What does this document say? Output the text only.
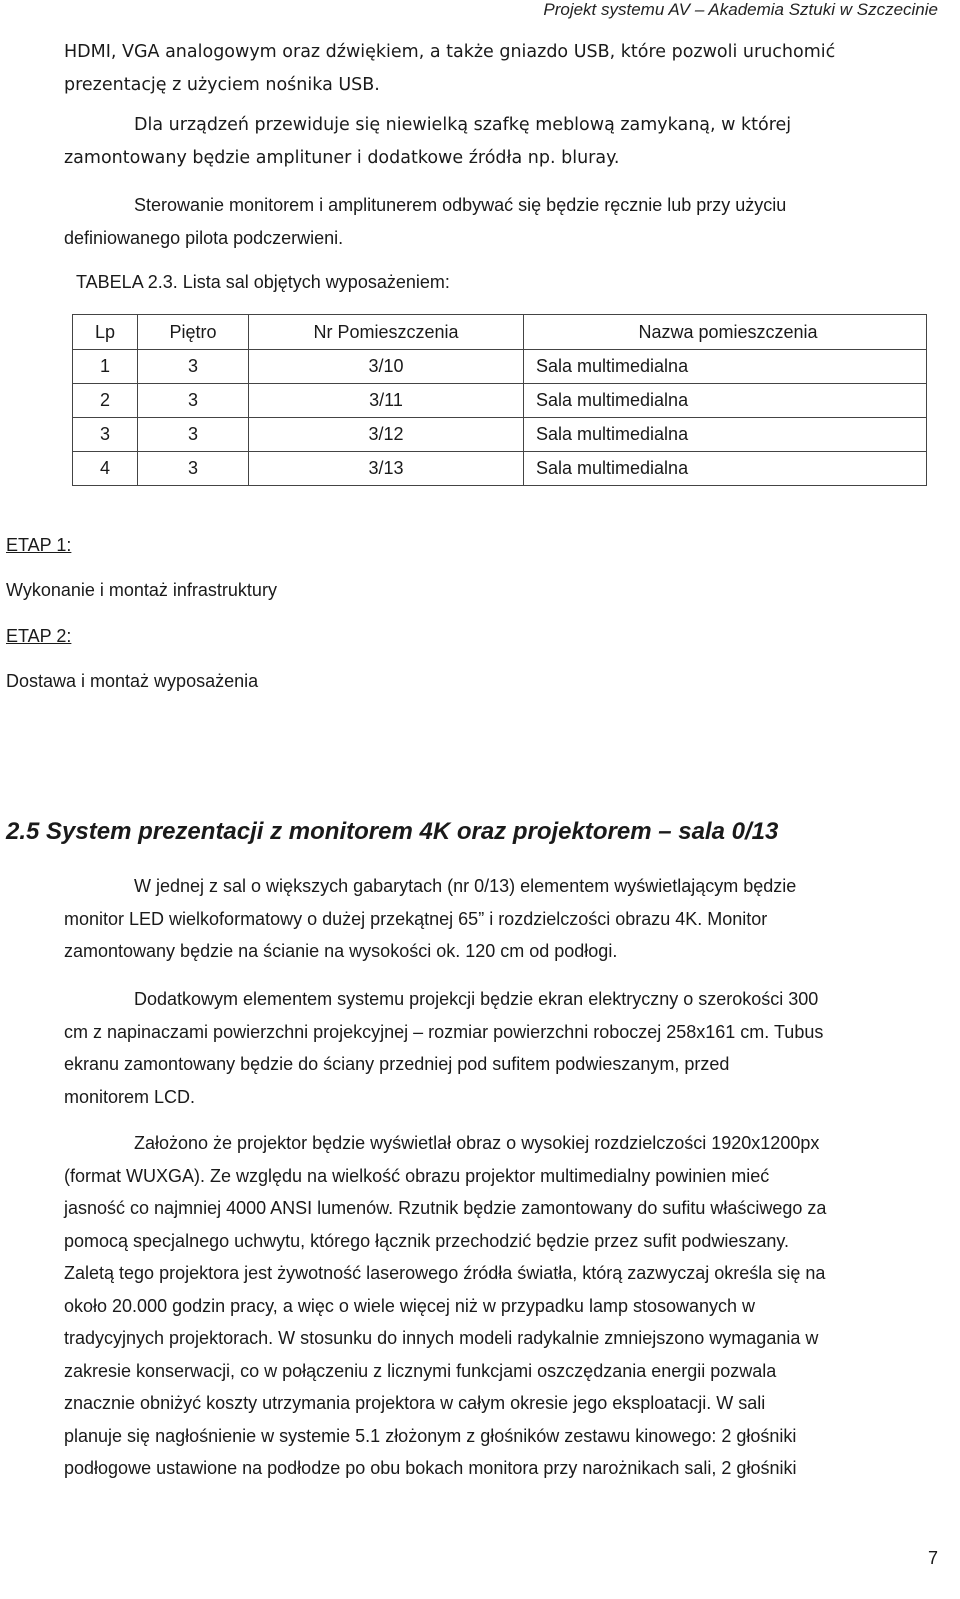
Projekt systemu AV – Akademia Sztuki w Szczecinie
HDMI, VGA analogowym oraz dźwiękiem, a także gniazdo USB, które pozwoli uruchomić
prezentację z użyciem nośnika USB.
Dla urządzeń przewiduje się niewielką szafkę meblową zamykaną, w której
zamontowany będzie amplituner i dodatkowe źródła np. bluray.
Sterowanie monitorem i amplitunerem odbywać się będzie ręcznie lub przy użyciu
definiowanego pilota podczerwieni.
TABELA 2.3. Lista sal objętych wyposażeniem:
Lp	Piętro	Nr Pomieszczenia	Nazwa pomieszczenia
1	3	3/10	Sala multimedialna
2	3	3/11	Sala multimedialna
3	3	3/12	Sala multimedialna
4	3	3/13	Sala multimedialna
ETAP 1:
Wykonanie i montaż infrastruktury
ETAP 2:
Dostawa i montaż wyposażenia
2.5 System prezentacji z monitorem 4K oraz projektorem – sala 0/13
W jednej z sal o większych gabarytach (nr 0/13) elementem wyświetlającym będzie
monitor LED wielkoformatowy o dużej przekątnej 65” i rozdzielczości obrazu 4K. Monitor
zamontowany będzie na ścianie na wysokości ok. 120 cm od podłogi.
Dodatkowym elementem systemu projekcji będzie ekran elektryczny o szerokości 300
cm z napinaczami powierzchni projekcyjnej – rozmiar powierzchni roboczej 258x161 cm. Tubus
ekranu zamontowany będzie do ściany przedniej pod sufitem podwieszanym, przed
monitorem LCD.
Założono że projektor będzie wyświetlał obraz o wysokiej rozdzielczości 1920x1200px
(format WUXGA). Ze względu na wielkość obrazu projektor multimedialny powinien mieć
jasność co najmniej 4000 ANSI lumenów. Rzutnik będzie zamontowany do sufitu właściwego za
pomocą specjalnego uchwytu, którego łącznik przechodzić będzie przez sufit podwieszany.
Zaletą tego projektora jest żywotność laserowego źródła światła, którą zazwyczaj określa się na
około 20.000 godzin pracy, a więc o wiele więcej niż w przypadku lamp stosowanych w
tradycyjnych projektorach. W stosunku do innych modeli radykalnie zmniejszono wymagania w
zakresie konserwacji, co w połączeniu z licznymi funkcjami oszczędzania energii pozwala
znacznie obniżyć koszty utrzymania projektora w całym okresie jego eksploatacji. W sali
planuje się nagłośnienie w systemie 5.1 złożonym z głośników zestawu kinowego: 2 głośniki
podłogowe ustawione na podłodze po obu bokach monitora przy narożnikach sali, 2 głośniki
7
